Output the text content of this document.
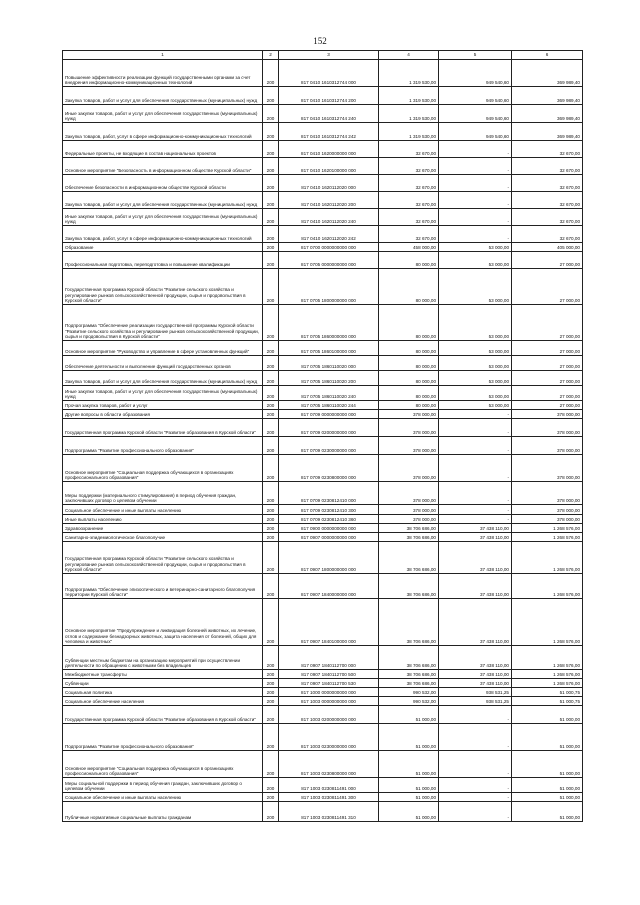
152
1	2	3	4	5	6
Повышение эффективности реализации функций государственными органами за счет внедрения информационно-коммуникационных технологий	200	817 0410 1610312744 000	1 319 530,00	949 540,60	369 989,40
Закупка товаров, работ и услуг для обеспечения государственных (муниципальных) нужд	200	817 0410 1610312744 200	1 319 530,00	949 540,60	369 989,40
Иные закупки товаров, работ и услуг для обеспечения государственных (муниципальных) нужд	200	817 0410 1610312744 240	1 319 530,00	949 540,60	369 989,40
Закупка товаров, работ, услуг в сфере информационно-коммуникационных технологий	200	817 0410 1610312744 242	1 319 530,00	949 540,60	369 989,40
Федеральные проекты, не входящие в состав национальных проектов	200	817 0410 1620000000 000	32 670,00	-	32 670,00
Основное мероприятие "Безопасность в информационном обществе Курской области"	200	817 0410 1620100000 000	32 670,00	-	32 670,00
Обеспечение безопасности в информационном обществе Курской области	200	817 0410 1620112020 000	32 670,00	-	32 670,00
Закупка товаров, работ и услуг для обеспечения государственных (муниципальных) нужд	200	817 0410 1620112020 200	32 670,00	-	32 670,00
Иные закупки товаров, работ и услуг для обеспечения государственных (муниципальных) нужд	200	817 0410 1620112020 240	32 670,00	-	32 670,00
Закупка товаров, работ, услуг в сфере информационно-коммуникационных технологий	200	817 0410 1620112020 242	32 670,00	-	32 670,00
Образование	200	817 0700 0000000000 000	458 000,00	53 000,00	405 000,00
Профессиональная подготовка, переподготовка и повышение квалификации	200	817 0705 0000000000 000	80 000,00	53 000,00	27 000,00
Государственная программа Курской области "Развитие сельского хозяйства и регулирование рынков сельскохозяйственной продукции, сырья и продовольствия в Курской области"	200	817 0705 1800000000 000	80 000,00	53 000,00	27 000,00
Подпрограмма "Обеспечение реализации государственной программы Курской области "Развитие сельского хозяйства и регулирование рынков сельскохозяйственной продукции, сырья и продовольствия в Курской области"	200	817 0705 1860000000 000	80 000,00	53 000,00	27 000,00
Основное мероприятие "Руководство и управление в сфере установленных функций"	200	817 0705 1860100000 000	80 000,00	53 000,00	27 000,00
Обеспечение деятельности и выполнение функций государственных органов	200	817 0705 1860110020 000	80 000,00	53 000,00	27 000,00
Закупка товаров, работ и услуг для обеспечения государственных (муниципальных) нужд	200	817 0705 1860110020 200	80 000,00	53 000,00	27 000,00
Иные закупки товаров, работ и услуг для обеспечения государственных (муниципальных) нужд	200	817 0705 1860110020 240	80 000,00	53 000,00	27 000,00
Прочая закупка товаров, работ и услуг	200	817 0705 1860110020 244	80 000,00	53 000,00	27 000,00
Другие вопросы в области образования	200	817 0709 0000000000 000	378 000,00	-	378 000,00
Государственная программа Курской области "Развитие образования в Курской области"	200	817 0709 0200000000 000	378 000,00	-	378 000,00
Подпрограмма "Развитие профессионального образования"	200	817 0709 0230000000 000	378 000,00	-	378 000,00
Основное мероприятие "Социальная поддержка обучающихся в организациях профессионального образования"	200	817 0709 0230800000 000	378 000,00	-	378 000,00
Меры поддержки (материального стимулирования) в период обучения граждан, заключивших договор о целевом обучении	200	817 0709 0230812410 000	378 000,00	-	378 000,00
Социальное обеспечение и иные выплаты населению	200	817 0709 0230812410 300	378 000,00	-	378 000,00
Иные выплаты населению	200	817 0709 0230812410 360	378 000,00	-	378 000,00
Здравоохранение	200	817 0900 0000000000 000	38 706 686,00	37 438 110,00	1 268 576,00
Санитарно-эпидемиологическое благополучие	200	817 0907 0000000000 000	38 706 686,00	37 438 110,00	1 268 576,00
Государственная программа Курской области "Развитие сельского хозяйства и регулирование рынков сельскохозяйственной продукции, сырья и продовольствия в Курской области"	200	817 0907 1800000000 000	38 706 686,00	37 438 110,00	1 268 576,00
Подпрограмма "Обеспечение эпизоотического и ветеринарно-санитарного благополучия территории Курской области"	200	817 0907 1840000000 000	38 706 686,00	37 438 110,00	1 268 576,00
Основное мероприятие "Предупреждение и ликвидация болезней животных, их лечение, отлов и содержание безнадзорных животных, защита населения от болезней, общих для человека и животных"	200	817 0907 1840100000 000	38 706 686,00	37 438 110,00	1 268 576,00
Субвенции местным бюджетам на организацию мероприятий при осуществлении деятельности по обращению с животными без владельцев	200	817 0907 1840112700 000	38 706 686,00	37 438 110,00	1 268 576,00
Межбюджетные трансферты	200	817 0907 1840112700 500	38 706 686,00	37 438 110,00	1 268 576,00
Субвенции	200	817 0907 1840112700 530	38 706 686,00	37 438 110,00	1 268 576,00
Социальная политика	200	817 1000 0000000000 000	990 532,00	938 531,25	51 000,75
Социальное обеспечение населения	200	817 1003 0000000000 000	990 532,00	938 531,25	51 000,75
Государственная программа Курской области "Развитие образования в Курской области"	200	817 1003 0200000000 000	51 000,00	-	51 000,00
Подпрограмма "Развитие профессионального образования"	200	817 1003 0230000000 000	51 000,00	-	51 000,00
Основное мероприятие "Социальная поддержка обучающихся в организациях профессионального образования"	200	817 1003 0230800000 000	51 000,00	-	51 000,00
Меры социальной поддержки в период обучения граждан, заключивших договор о целевом обучении	200	817 1003 0230811491 000	51 000,00	-	51 000,00
Социальное обеспечение и иные выплаты населению	200	817 1003 0230811491 300	51 000,00	-	51 000,00
Публичные нормативные социальные выплаты гражданам	200	817 1003 0230811491 310	51 000,00	-	51 000,00
